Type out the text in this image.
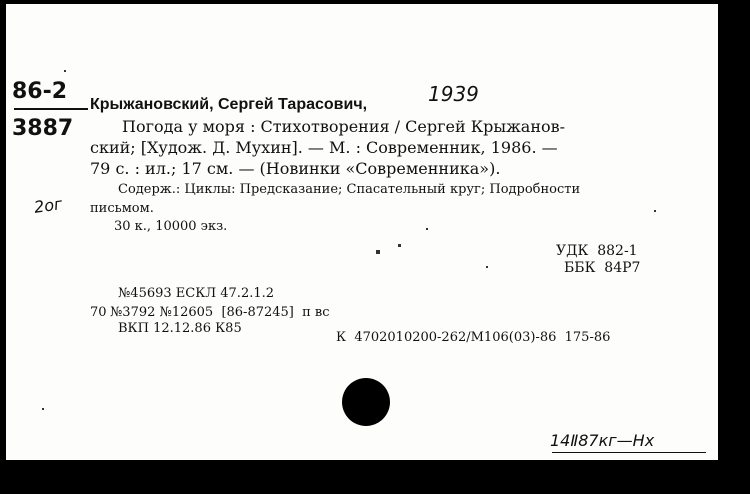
86-2
3887
Крыжановский, Сергей Тарасович,	1939
Погода у моря : Стихотворения / Сергей Крыжанов-
ский; [Худож. Д. Мухин]. — М. : Современник, 1986. —
79 с. : ил.; 17 см. — (Новинки «Современника»).
Содерж.: Циклы: Предсказание; Спасательный круг; Подробности
письмом.
2ог
30 к., 10000 экз.
УДК  882-1
ББК  84Р7
№45693 ЕСКЛ 47.2.1.2
70 №3792 №12605  [86-87245]  п вс
ВКП 12.12.86 К85
К  4702010200-262/М106(03)-86  175-86
14Ⅱ87кг—Нх
